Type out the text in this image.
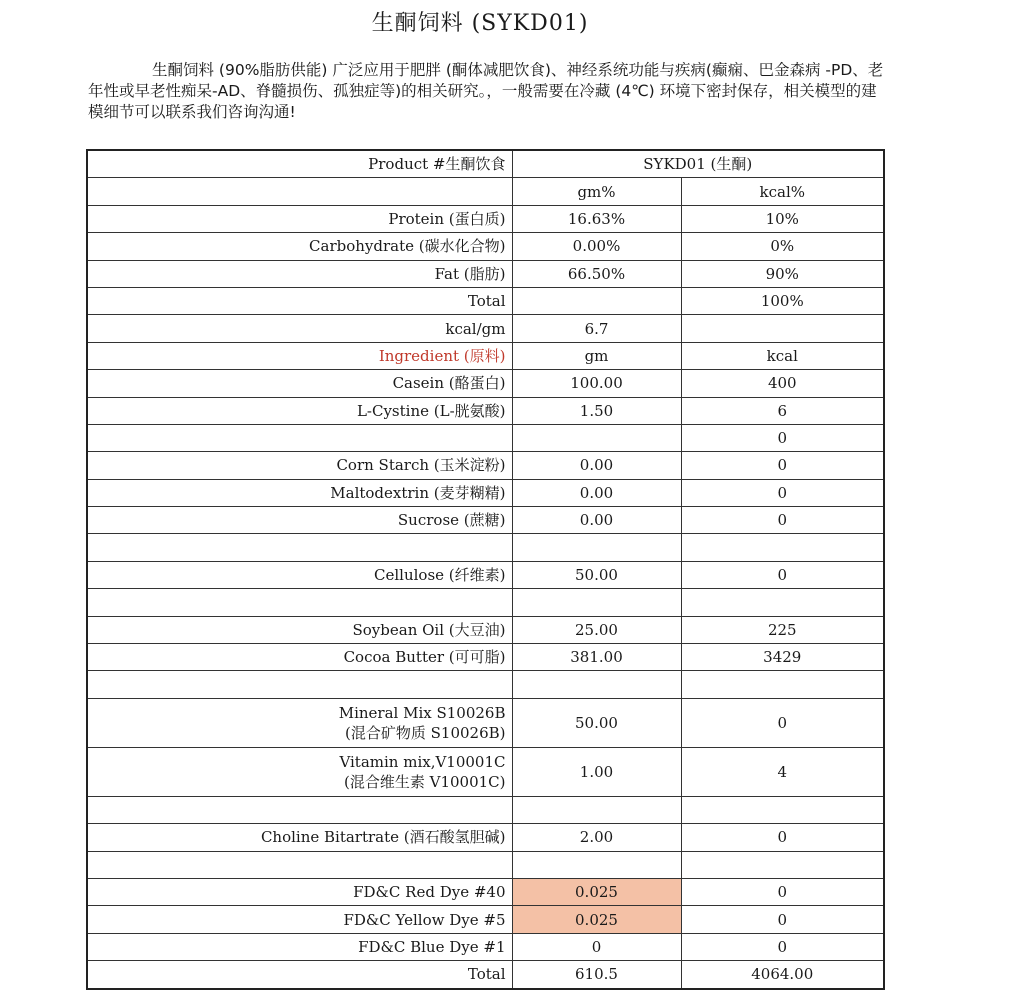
生酮饲料 (SYKD01)
生酮饲料 (90%脂肪供能) 广泛应用于肥胖 (酮体减肥饮食)、神经系统功能与疾病(癫痫、巴金森病 -PD、老年性或早老性痴呆-AD、脊髓损伤、孤独症等)的相关研究。，一般需要在冷藏 (4℃) 环境下密封保存，相关模型的建模细节可以联系我们咨询沟通!
Product #生酮饮食	SYKD01 (生酮)	
	gm%	kcal%
Protein (蛋白质)	16.63%	10%
Carbohydrate (碳水化合物)	0.00%	0%
Fat (脂肪)	66.50%	90%
Total		100%
kcal/gm	6.7	
Ingredient (原料)	gm	kcal
Casein (酪蛋白)	100.00	400
L-Cystine (L-胱氨酸)	1.50	6
		0
Corn Starch (玉米淀粉)	0.00	0
Maltodextrin (麦芽糊精)	0.00	0
Sucrose (蔗糖)	0.00	0

Cellulose (纤维素)	50.00	0

Soybean Oil (大豆油)	25.00	225
Cocoa Butter (可可脂)	381.00	3429

Mineral Mix S10026B
(混合矿物质 S10026B)	50.00	0

Vitamin mix,V10001C
(混合维生素 V10001C)	1.00	4

Choline Bitartrate (酒石酸氢胆碱)	2.00	0

FD&C Red Dye #40	0.025	0
FD&C Yellow Dye #5	0.025	0
FD&C Blue Dye #1	0	0
Total	610.5	4064.00
